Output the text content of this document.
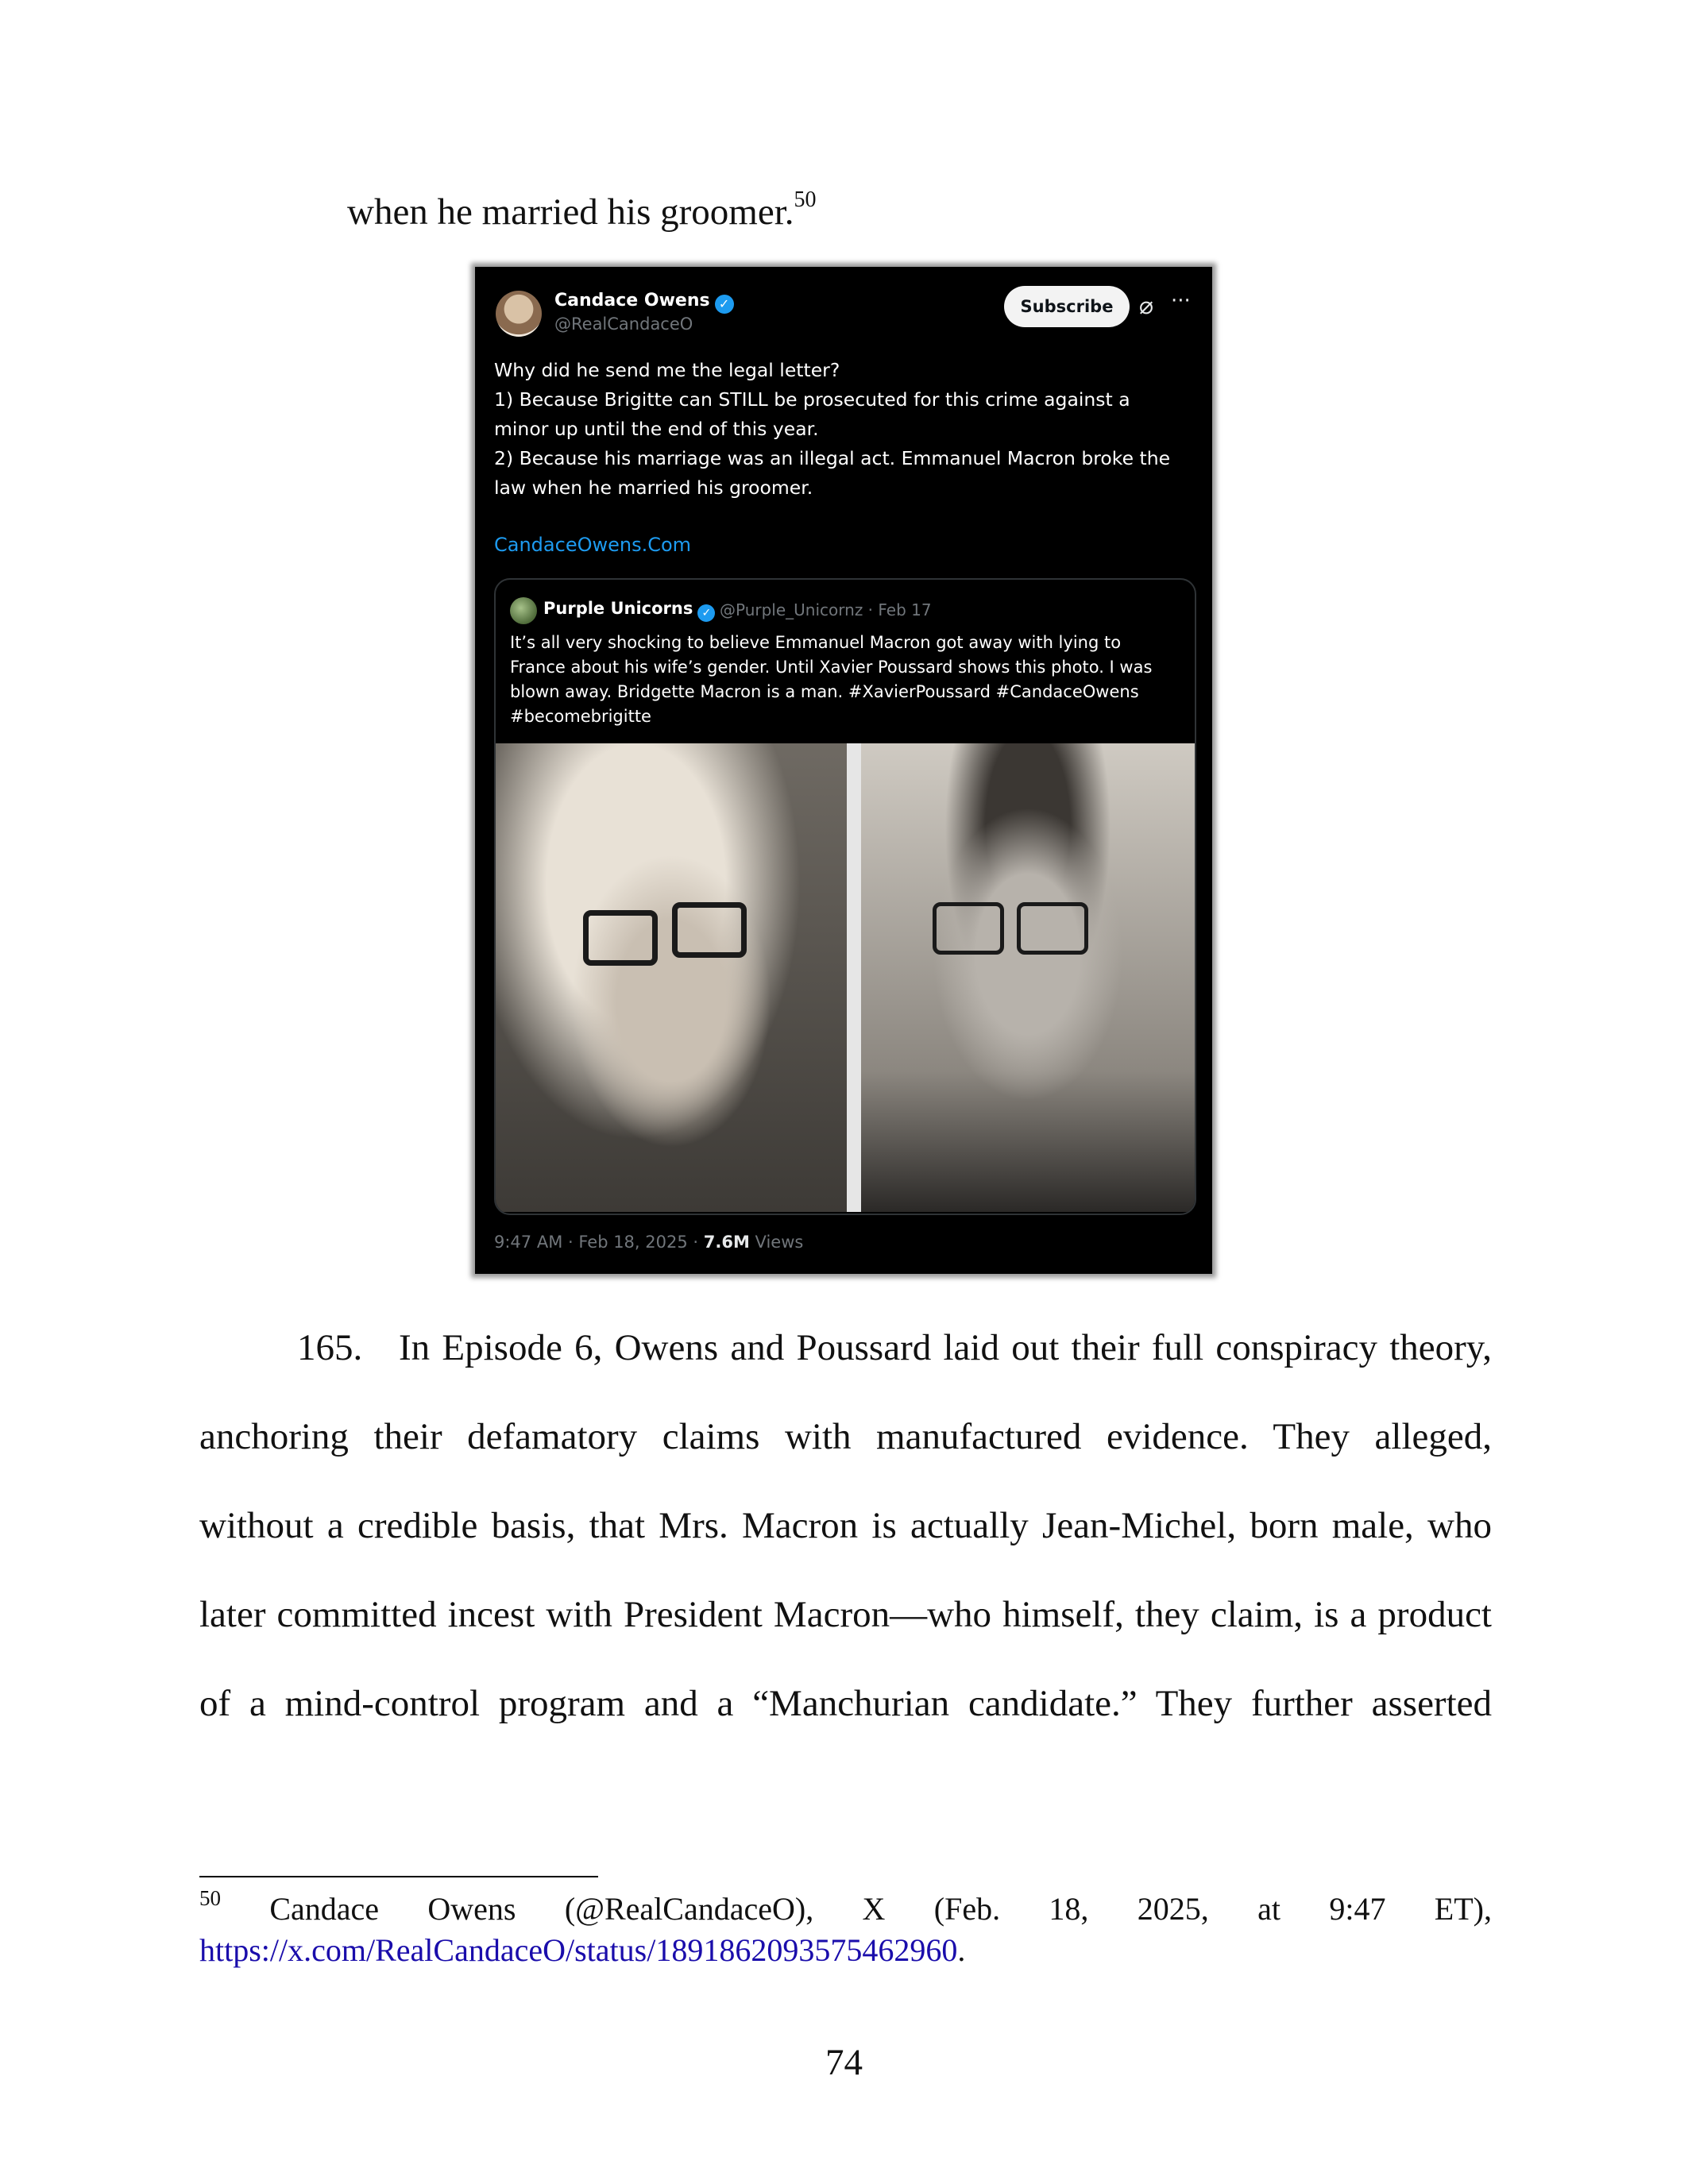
when he married his groomer.$^{50}$
Candace Owens ✓
@RealCandaceO
Subscribe	⌀ ···
Why did he send me the legal letter?
1) Because Brigitte can STILL be prosecuted for this crime against a
minor up until the end of this year.
2) Because his marriage was an illegal act. Emmanuel Macron broke the
law when he married his groomer.
CandaceOwens.Com
Purple Unicorns ✓ @Purple_Unicornz · Feb 17
It’s all very shocking to believe Emmanuel Macron got away with lying to
France about his wife’s gender. Until Xavier Poussard shows this photo. I was
blown away. Bridgette Macron is a man. #XavierPoussard #CandaceOwens
#becomebrigitte
9:47 AM · Feb 18, 2025 · 7.6M Views
165. In Episode 6, Owens and Poussard laid out their full conspiracy theory,
anchoring their defamatory claims with manufactured evidence. They alleged,
without a credible basis, that Mrs. Macron is actually Jean-Michel, born male, who
later committed incest with President Macron—who himself, they claim, is a product
of a mind-control program and a “Manchurian candidate.” They further asserted
$^{50}$ Candace Owens (@RealCandaceO), X (Feb. 18, 2025, at 9:47 ET),
https://x.com/RealCandaceO/status/1891862093575462960.
74
